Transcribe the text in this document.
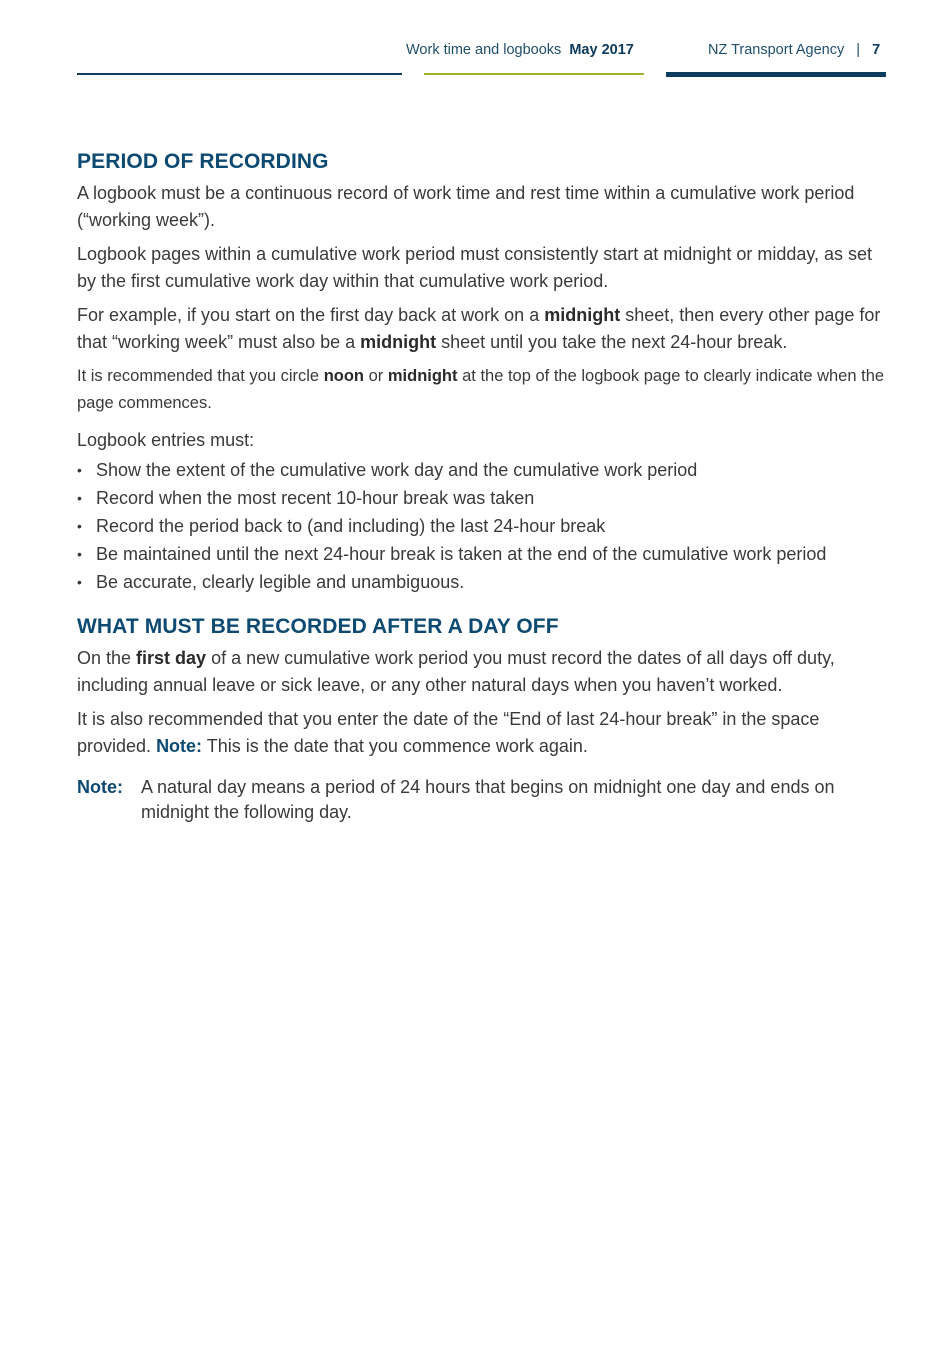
Work time and logbooks May 2017	NZ Transport Agency | 7
PERIOD OF RECORDING

A logbook must be a continuous record of work time and rest time within a cumulative work period (“working week”).

Logbook pages within a cumulative work period must consistently start at midnight or midday, as set by the first cumulative work day within that cumulative work period.

For example, if you start on the first day back at work on a midnight sheet, then every other page for that “working week” must also be a midnight sheet until you take the next 24-hour break.

It is recommended that you circle noon or midnight at the top of the logbook page to clearly indicate when the page commences.

Logbook entries must:

• Show the extent of the cumulative work day and the cumulative work period
• Record when the most recent 10-hour break was taken
• Record the period back to (and including) the last 24-hour break
• Be maintained until the next 24-hour break is taken at the end of the cumulative work period
• Be accurate, clearly legible and unambiguous.
WHAT MUST BE RECORDED AFTER A DAY OFF

On the first day of a new cumulative work period you must record the dates of all days off duty, including annual leave or sick leave, or any other natural days when you haven’t worked.

It is also recommended that you enter the date of the “End of last 24-hour break” in the space provided. Note: This is the date that you commence work again.

Note:	A natural day means a period of 24 hours that begins on midnight one day and ends on midnight the following day.
